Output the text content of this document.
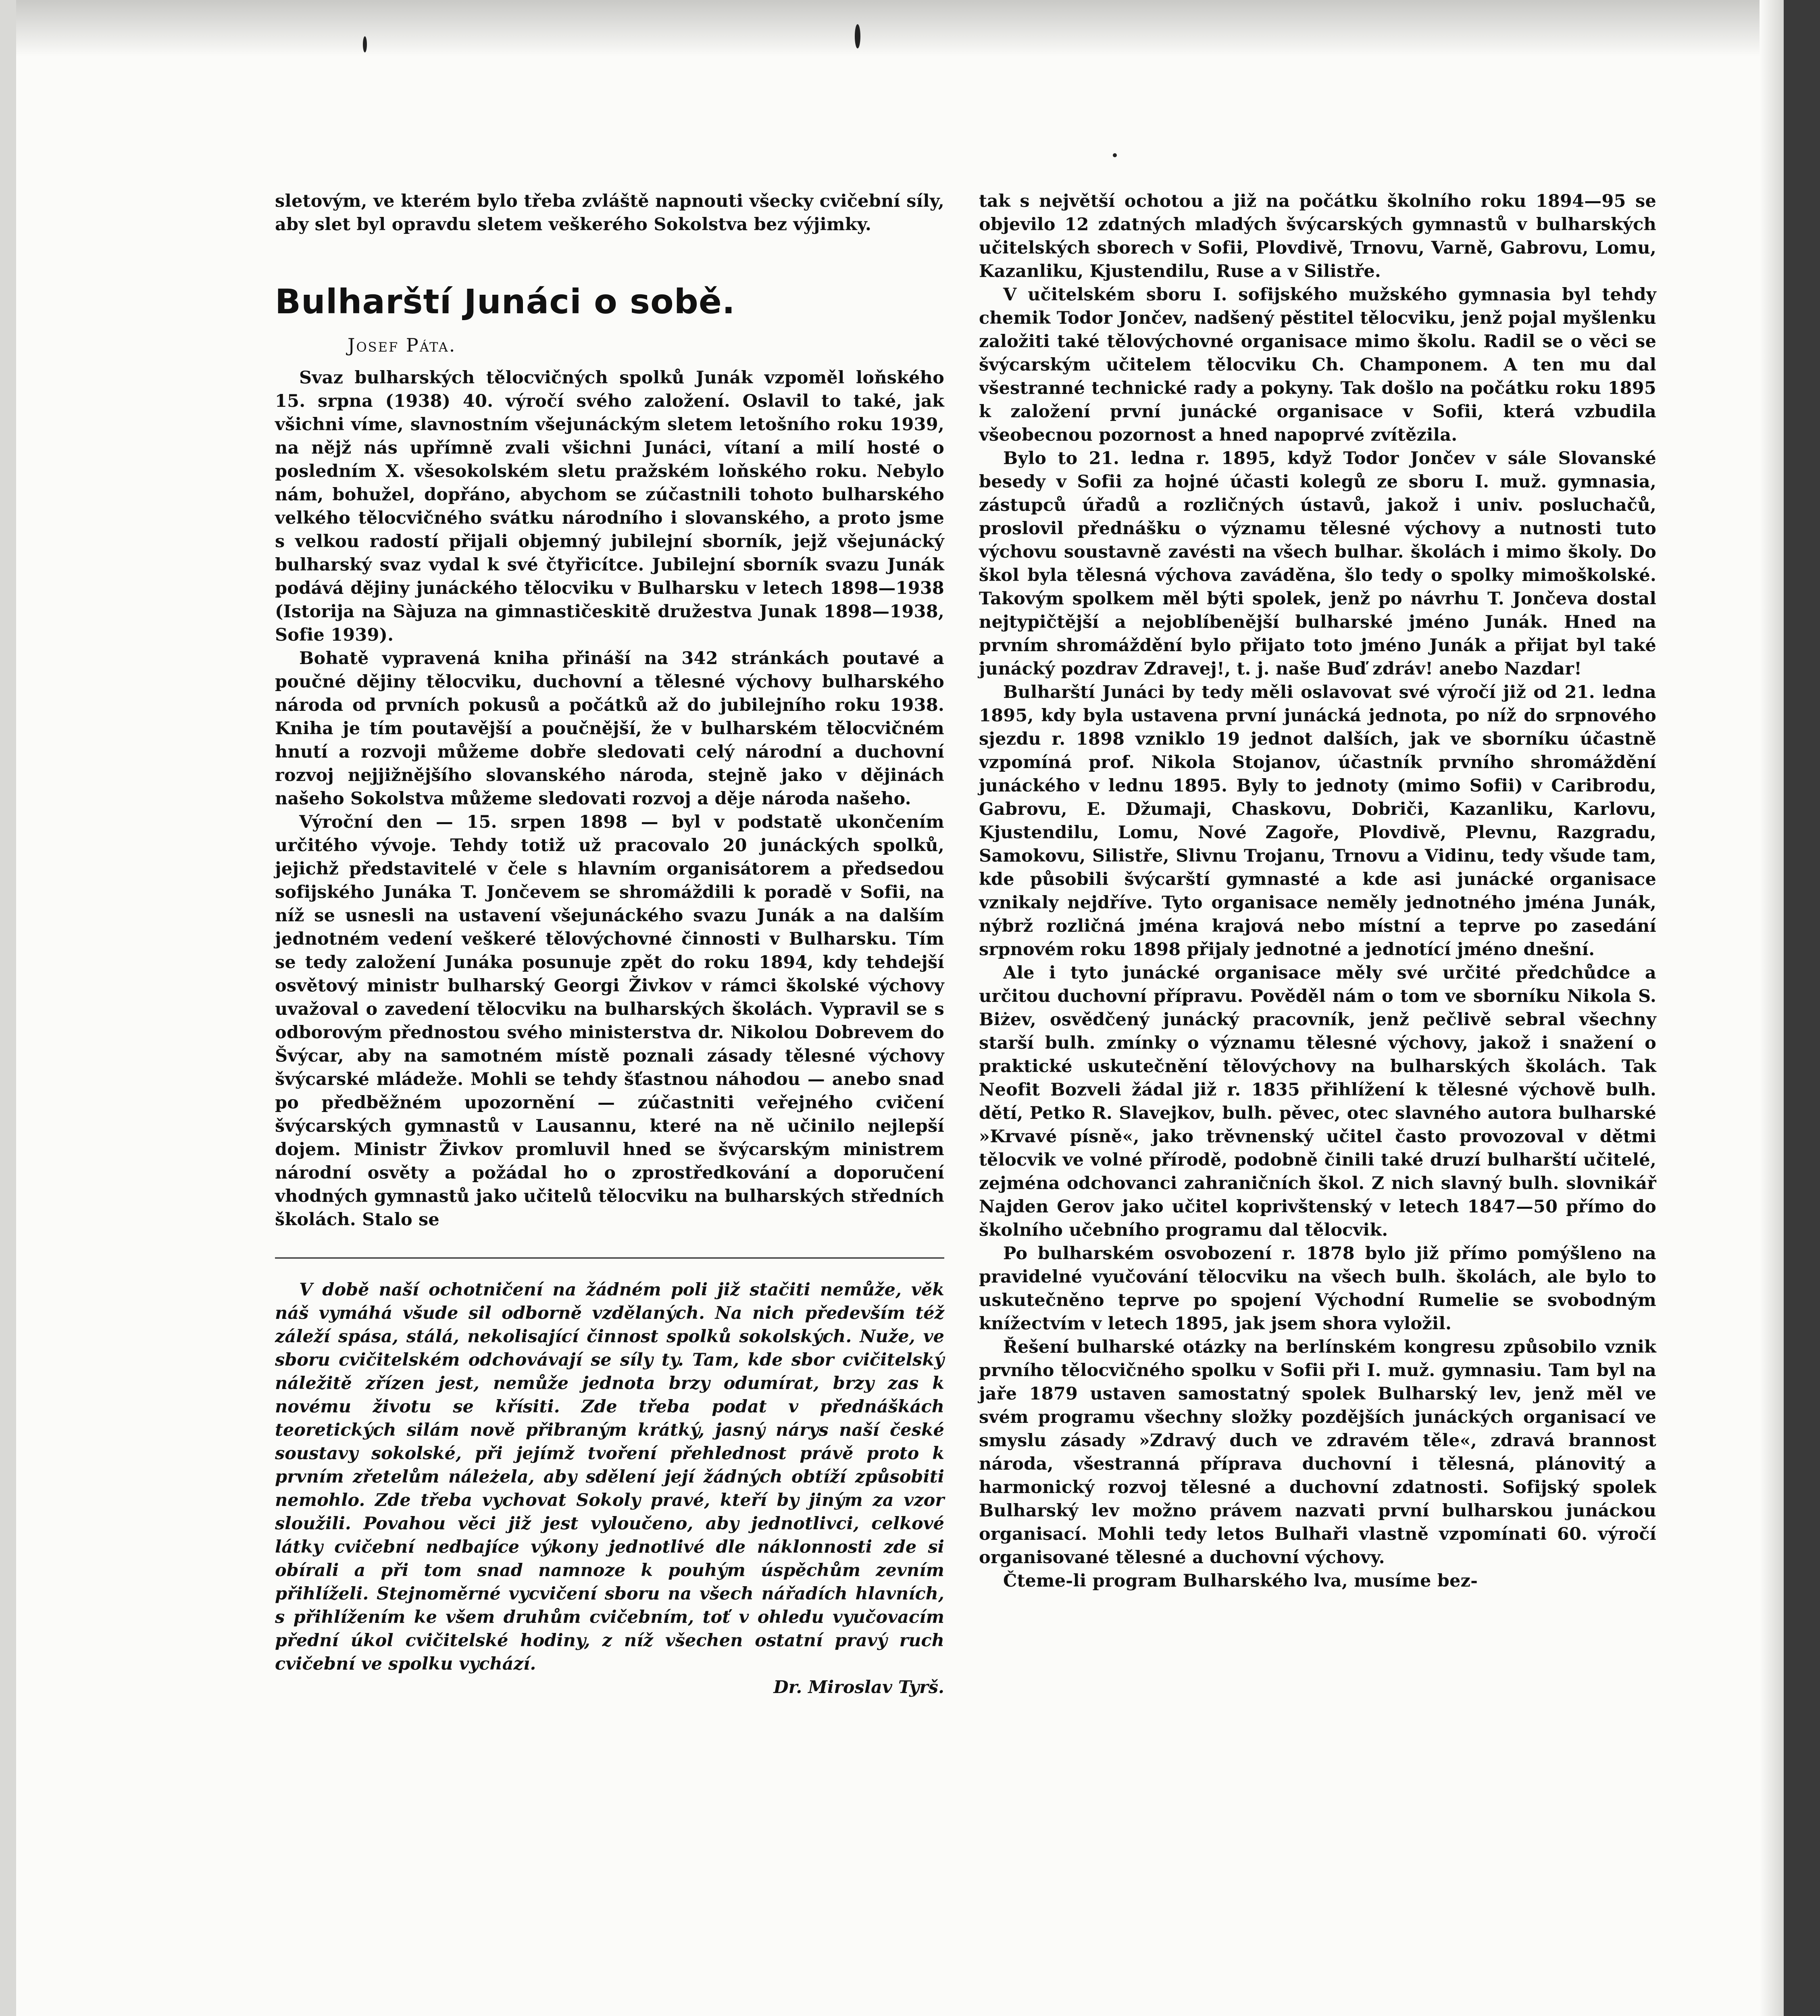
sletovým, ve kterém bylo třeba zvláště napnouti všecky cvičební síly, aby slet byl opravdu sletem veškerého Sokolstva bez výjimky.

Bulharští Junáci o sobě.
Josef Páta.

Svaz bulharských tělocvičných spolků Junák vzpoměl loňského 15. srpna (1938) 40. výročí svého založení. Oslavil to také, jak všichni víme, slavnostním všejunáckým sletem letošního roku 1939, na nějž nás upřímně zvali všichni Junáci, vítaní a milí hosté o posledním X. všesokolském sletu pražském loňského roku. Nebylo nám, bohužel, dopřáno, abychom se zúčastnili tohoto bulharského velkého tělocvičného svátku národního i slovanského, a proto jsme s velkou radostí přijali objemný jubilejní sborník, jejž všejunácký bulharský svaz vydal k své čtyřicítce. Jubilejní sborník svazu Junák podává dějiny junáckého tělocviku v Bulharsku v letech 1898—1938 (Istorija na Sàjuza na gimnastičeskitě družestva Junak 1898—1938, Sofie 1939).

Bohatě vypravená kniha přináší na 342 stránkách poutavé a poučné dějiny tělocviku, duchovní a tělesné výchovy bulharského národa od prvních pokusů a počátků až do jubilejního roku 1938. Kniha je tím poutavější a poučnější, že v bulharském tělocvičném hnutí a rozvoji můžeme dobře sledovati celý národní a duchovní rozvoj nejjižnějšího slovanského národa, stejně jako v dějinách našeho Sokolstva můžeme sledovati rozvoj a děje národa našeho.

Výroční den — 15. srpen 1898 — byl v podstatě ukončením určitého vývoje. Tehdy totiž už pracovalo 20 junáckých spolků, jejichž představitelé v čele s hlavním organisátorem a předsedou sofijského Junáka T. Jončevem se shromáždili k poradě v Sofii, na níž se usnesli na ustavení všejunáckého svazu Junák a na dalším jednotném vedení veškeré tělovýchovné činnosti v Bulharsku. Tím se tedy založení Junáka posunuje zpět do roku 1894, kdy tehdejší osvětový ministr bulharský Georgi Živkov v rámci školské výchovy uvažoval o zavedení tělocviku na bulharských školách. Vypravil se s odborovým přednostou svého ministerstva dr. Nikolou Dobrevem do Švýcar, aby na samotném místě poznali zásady tělesné výchovy švýcarské mládeže. Mohli se tehdy šťastnou náhodou — anebo snad po předběžném upozornění — zúčastniti veřejného cvičení švýcarských gymnastů v Lausannu, které na ně učinilo nejlepší dojem. Ministr Živkov promluvil hned se švýcarským ministrem národní osvěty a požádal ho o zprostředkování a doporučení vhodných gymnastů jako učitelů tělocviku na bulharských středních školách. Stalo se

V době naší ochotničení na žádném poli již stačiti nemůže, věk náš vymáhá všude sil odborně vzdělaných. Na nich především též záleží spása, stálá, nekolisající činnost spolků sokolských. Nuže, ve sboru cvičitelském odchovávají se síly ty. Tam, kde sbor cvičitelský náležitě zřízen jest, nemůže jednota brzy odumírat, brzy zas k novému životu se křísiti. Zde třeba podat v přednáškách teoretických silám nově přibraným krátký, jasný nárys naší české soustavy sokolské, při jejímž tvoření přehlednost právě proto k prvním zřetelům náleżela, aby sdělení její žádných obtíží způsobiti nemohlo. Zde třeba vychovat Sokoly pravé, kteří by jiným za vzor sloužili. Povahou věci již jest vyloučeno, aby jednotlivci, celkové látky cvičební nedbajíce výkony jednotlivé dle náklonnosti zde si obírali a při tom snad namnoze k pouhým úspěchům zevním přihlíželi. Stejnoměrné vycvičení sboru na všech nářadích hlavních, s přihlížením ke všem druhům cvičebním, toť v ohledu vyučovacím přední úkol cvičitelské hodiny, z níž všechen ostatní pravý ruch cvičební ve spolku vychází.

Dr. Miroslav Tyrš.

tak s největší ochotou a již na počátku školního roku 1894—95 se objevilo 12 zdatných mladých švýcarských gymnastů v bulharských učitelských sborech v Sofii, Plovdivě, Trnovu, Varně, Gabrovu, Lomu, Kazanliku, Kjustendilu, Ruse a v Silistře.

V učitelském sboru I. sofijského mužského gymnasia byl tehdy chemik Todor Jončev, nadšený pěstitel tělocviku, jenž pojal myšlenku založiti také tělovýchovné organisace mimo školu. Radil se o věci se švýcarským učitelem tělocviku Ch. Champonem. A ten mu dal všestranné technické rady a pokyny. Tak došlo na počátku roku 1895 k založení první junácké organisace v Sofii, která vzbudila všeobecnou pozornost a hned napoprvé zvítězila.

Bylo to 21. ledna r. 1895, když Todor Jončev v sále Slovanské besedy v Sofii za hojné účasti kolegů ze sboru I. muž. gymnasia, zástupců úřadů a rozličných ústavů, jakož i univ. posluchačů, proslovil přednášku o významu tělesné výchovy a nutnosti tuto výchovu soustavně zavésti na všech bulhar. školách i mimo školy. Do škol byla tělesná výchova zaváděna, šlo tedy o spolky mimoškolské. Takovým spolkem měl býti spolek, jenž po návrhu T. Jončeva dostal nejtypičtější a nejoblíbenější bulharské jméno Junák. Hned na prvním shromáždění bylo přijato toto jméno Junák a přijat byl také junácký pozdrav Zdravej!, t. j. naše Buď zdráv! anebo Nazdar!

Bulharští Junáci by tedy měli oslavovat své výročí již od 21. ledna 1895, kdy byla ustavena první junácká jednota, po níž do srpnového sjezdu r. 1898 vzniklo 19 jednot dalších, jak ve sborníku účastně vzpomíná prof. Nikola Stojanov, účastník prvního shromáždění junáckého v lednu 1895. Byly to jednoty (mimo Sofii) v Caribrodu, Gabrovu, E. Džumaji, Chaskovu, Dobriči, Kazanliku, Karlovu, Kjustendilu, Lomu, Nové Zagoře, Plovdivě, Plevnu, Razgradu, Samokovu, Silistře, Slivnu Trojanu, Trnovu a Vidinu, tedy všude tam, kde působili švýcarští gymnasté a kde asi junácké organisace vznikaly nejdříve. Tyto organisace neměly jednotného jména Junák, nýbrž rozličná jména krajová nebo místní a teprve po zasedání srpnovém roku 1898 přijaly jednotné a jednotící jméno dnešní.

Ale i tyto junácké organisace měly své určité předchůdce a určitou duchovní přípravu. Pověděl nám o tom ve sborníku Nikola S. Biżev, osvědčený junácký pracovník, jenž pečlivě sebral všechny starší bulh. zmínky o významu tělesné výchovy, jakož i snažení o praktické uskutečnění tělovýchovy na bulharských školách. Tak Neofit Bozveli žádal již r. 1835 přihlížení k tělesné výchově bulh. dětí, Petko R. Slavejkov, bulh. pěvec, otec slavného autora bulharské »Krvavé písně«, jako trěvnenský učitel často provozoval v dětmi tělocvik ve volné přírodě, podobně činili také druzí bulharští učitelé, zejména odchovanci zahraničních škol. Z nich slavný bulh. slovnikář Najden Gerov jako učitel koprivštenský v letech 1847—50 přímo do školního učebního programu dal tělocvik.

Po bulharském osvobození r. 1878 bylo již přímo pomýšleno na pravidelné vyučování tělocviku na všech bulh. školách, ale bylo to uskutečněno teprve po spojení Východní Rumelie se svobodným knížectvím v letech 1895, jak jsem shora vyložil.

Řešení bulharské otázky na berlínském kongresu způsobilo vznik prvního tělocvičného spolku v Sofii při I. muž. gymnasiu. Tam byl na jaře 1879 ustaven samostatný spolek Bulharský lev, jenž měl ve svém programu všechny složky pozdějších junáckých organisací ve smyslu zásady »Zdravý duch ve zdravém těle«, zdravá brannost národa, všestranná příprava duchovní i tělesná, plánovitý a harmonický rozvoj tělesné a duchovní zdatnosti. Sofijský spolek Bulharský lev možno právem nazvati první bulharskou junáckou organisací. Mohli tedy letos Bulhaři vlastně vzpomínati 60. výročí organisované tělesné a duchovní výchovy.

Čteme-li program Bulharského lva, musíme bez-
